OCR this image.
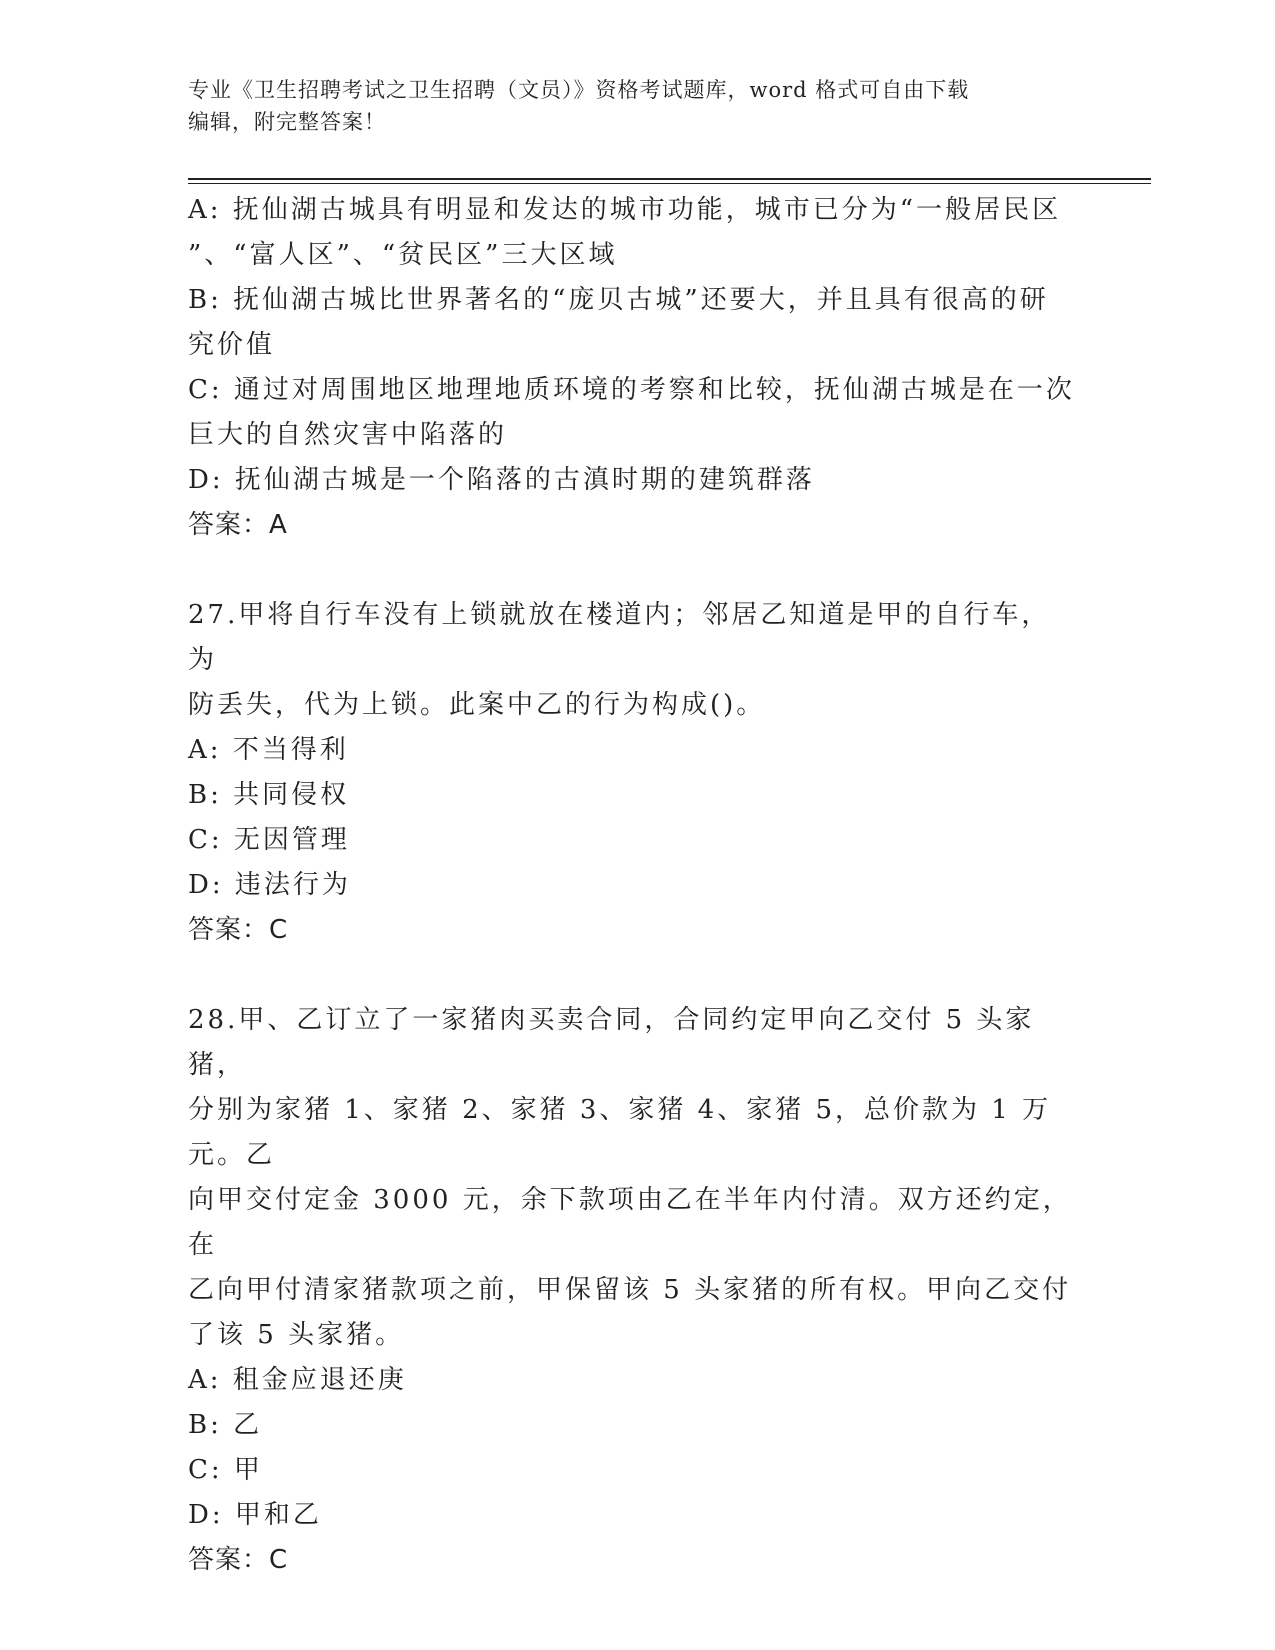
专业《卫生招聘考试之卫生招聘（文员）》资格考试题库，word 格式可自由下载
编辑，附完整答案！

A: 抚仙湖古城具有明显和发达的城市功能，城市已分为“一般居民区

”、“富人区”、“贫民区”三大区域

B: 抚仙湖古城比世界著名的“庞贝古城”还要大，并且具有很高的研

究价值

C: 通过对周围地区地理地质环境的考察和比较，抚仙湖古城是在一次

巨大的自然灾害中陷落的

D: 抚仙湖古城是一个陷落的古滇时期的建筑群落

答案：A

27.甲将自行车没有上锁就放在楼道内；邻居乙知道是甲的自行车，为

防丢失，代为上锁。此案中乙的行为构成()。

A: 不当得利

B: 共同侵权

C: 无因管理

D: 违法行为

答案：C

28.甲、乙订立了一家猪肉买卖合同，合同约定甲向乙交付 5 头家猪，

分别为家猪 1、家猪 2、家猪 3、家猪 4、家猪 5，总价款为 1 万元。乙

向甲交付定金 3000 元，余下款项由乙在半年内付清。双方还约定，在

乙向甲付清家猪款项之前，甲保留该 5 头家猪的所有权。甲向乙交付

了该 5 头家猪。

A: 租金应退还庚

B: 乙

C: 甲

D: 甲和乙

答案：C
